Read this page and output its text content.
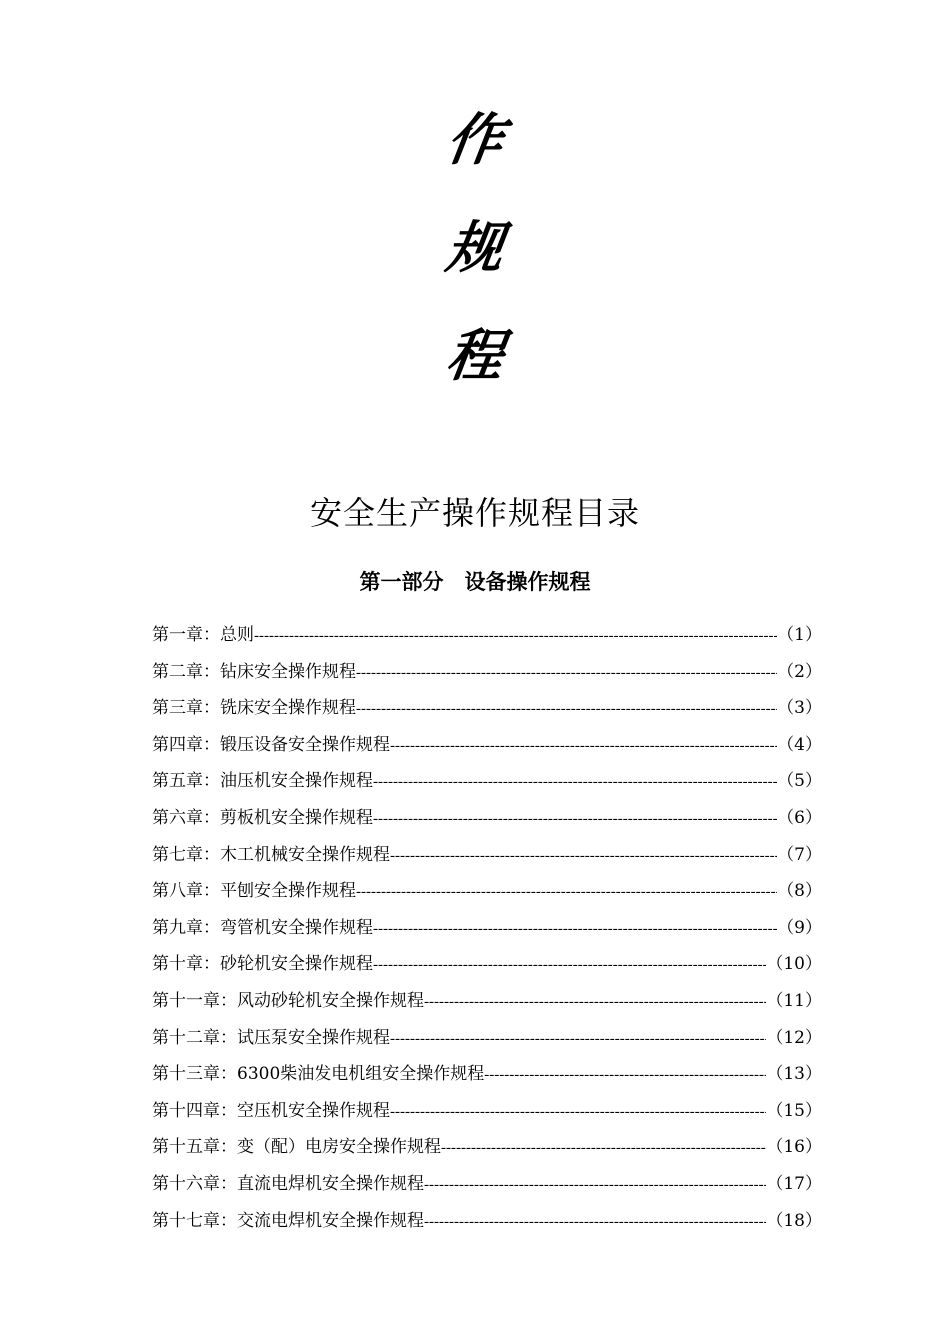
作
规
程
安全生产操作规程目录
第一部分　设备操作规程
第一章： 总则 -----	（1）
第二章： 钻床安全操作规程 -----	（2）
第三章： 铣床安全操作规程 -----	（3）
第四章： 锻压设备安全操作规程 -----	（4）
第五章： 油压机安全操作规程 -----	（5）
第六章： 剪板机安全操作规程 -----	（6）
第七章： 木工机械安全操作规程 -----	（7）
第八章： 平刨安全操作规程 -----	（8）
第九章： 弯管机安全操作规程 -----	（9）
第十章： 砂轮机安全操作规程 -----	（10）
第十一章： 风动砂轮机安全操作规程 -----	（11）
第十二章： 试压泵安全操作规程 -----	（12）
第十三章： 6300柴油发电机组安全操作规程 -----	（13）
第十四章： 空压机安全操作规程 -----	（15）
第十五章： 变（配）电房安全操作规程 -----	（16）
第十六章： 直流电焊机安全操作规程 -----	（17）
第十七章： 交流电焊机安全操作规程 -----	（18）
